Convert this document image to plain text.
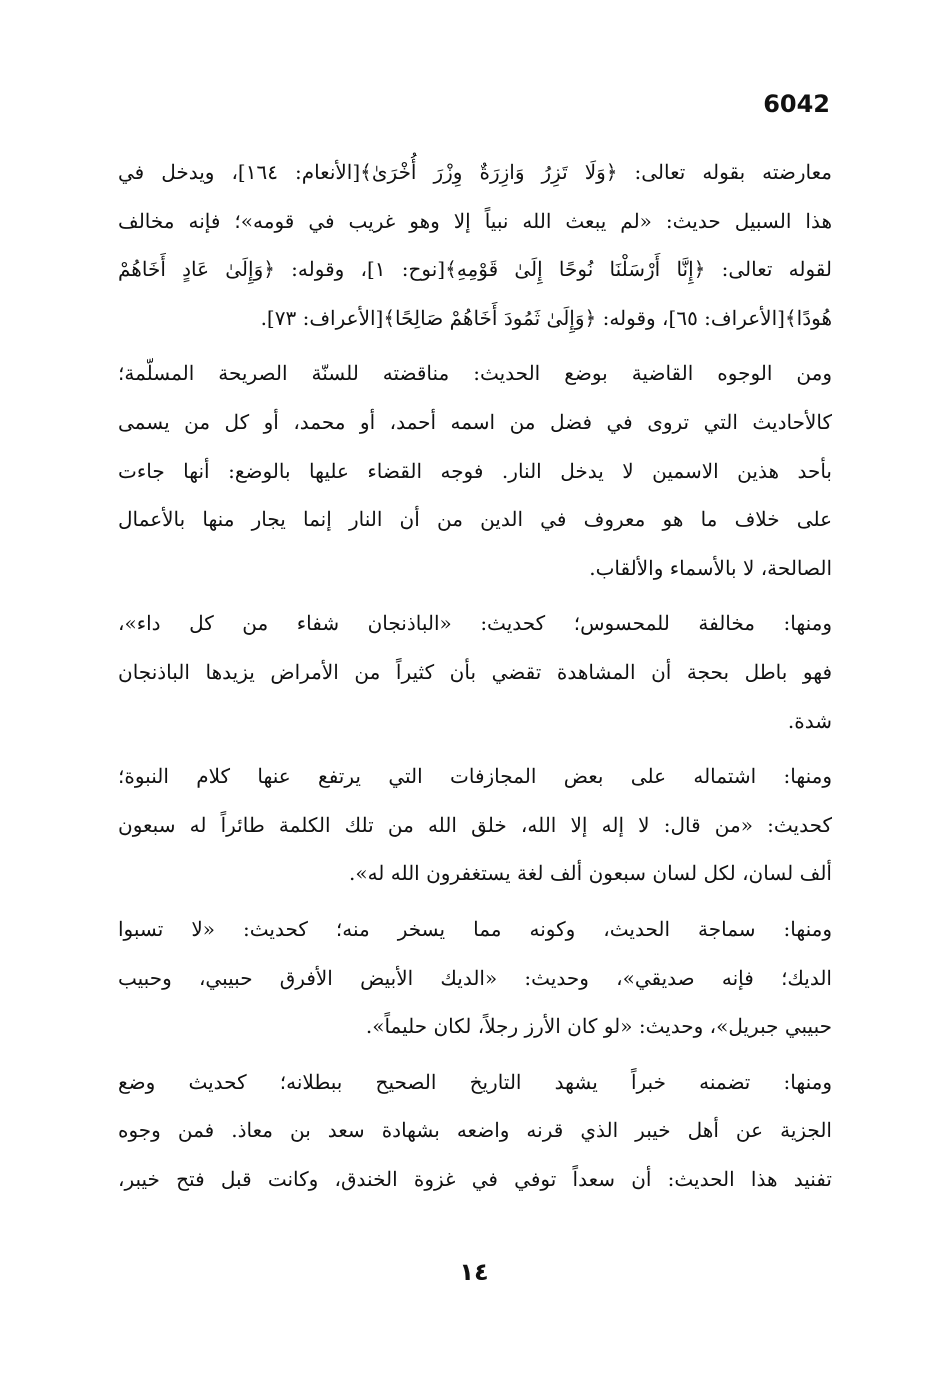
6042
معارضته بقوله تعالى: ﴿وَلَا تَزِرُ وَازِرَةٌ وِزْرَ أُخْرَىٰ﴾[الأنعام: ١٦٤]، ويدخل في
هذا السبيل حديث: «لم يبعث الله نبياً إلا وهو غريب في قومه»؛ فإنه مخالف
لقوله تعالى: ﴿إِنَّا أَرْسَلْنَا نُوحًا إِلَىٰ قَوْمِهِ﴾[نوح: ١]، وقوله: ﴿وَإِلَىٰ عَادٍ أَخَاهُمْ
هُودًا﴾[الأعراف: ٦٥]، وقوله: ﴿وَإِلَىٰ ثَمُودَ أَخَاهُمْ صَالِحًا﴾[الأعراف: ٧٣].
ومن الوجوه القاضية بوضع الحديث: مناقضته للسنّة الصريحة المسلّمة؛
كالأحاديث التي تروى في فضل من اسمه أحمد، أو محمد، أو كل من يسمى
بأحد هذين الاسمين لا يدخل النار. فوجه القضاء عليها بالوضع: أنها جاءت
على خلاف ما هو معروف في الدين من أن النار إنما يجار منها بالأعمال
الصالحة، لا بالأسماء والألقاب.
ومنها: مخالفة للمحسوس؛ كحديث: «الباذنجان شفاء من كل داء»،
فهو باطل بحجة أن المشاهدة تقضي بأن كثيراً من الأمراض يزيدها الباذنجان
شدة.
ومنها: اشتماله على بعض المجازفات التي يرتفع عنها كلام النبوة؛
كحديث: «من قال: لا إله إلا الله، خلق الله من تلك الكلمة طائراً له سبعون
ألف لسان، لكل لسان سبعون ألف لغة يستغفرون الله له».
ومنها: سماجة الحديث، وكونه مما يسخر منه؛ كحديث: «لا تسبوا
الديك؛ فإنه صديقي»، وحديث: «الديك الأبيض الأفرق حبيبي، وحبيب
حبيبي جبريل»، وحديث: «لو كان الأرز رجلاً، لكان حليماً».
ومنها: تضمنه خبراً يشهد التاريخ الصحيح ببطلانه؛ كحديث وضع
الجزية عن أهل خيبر الذي قرنه واضعه بشهادة سعد بن معاذ. فمن وجوه
تفنيد هذا الحديث: أن سعداً توفي في غزوة الخندق، وكانت قبل فتح خيبر،
١٤
